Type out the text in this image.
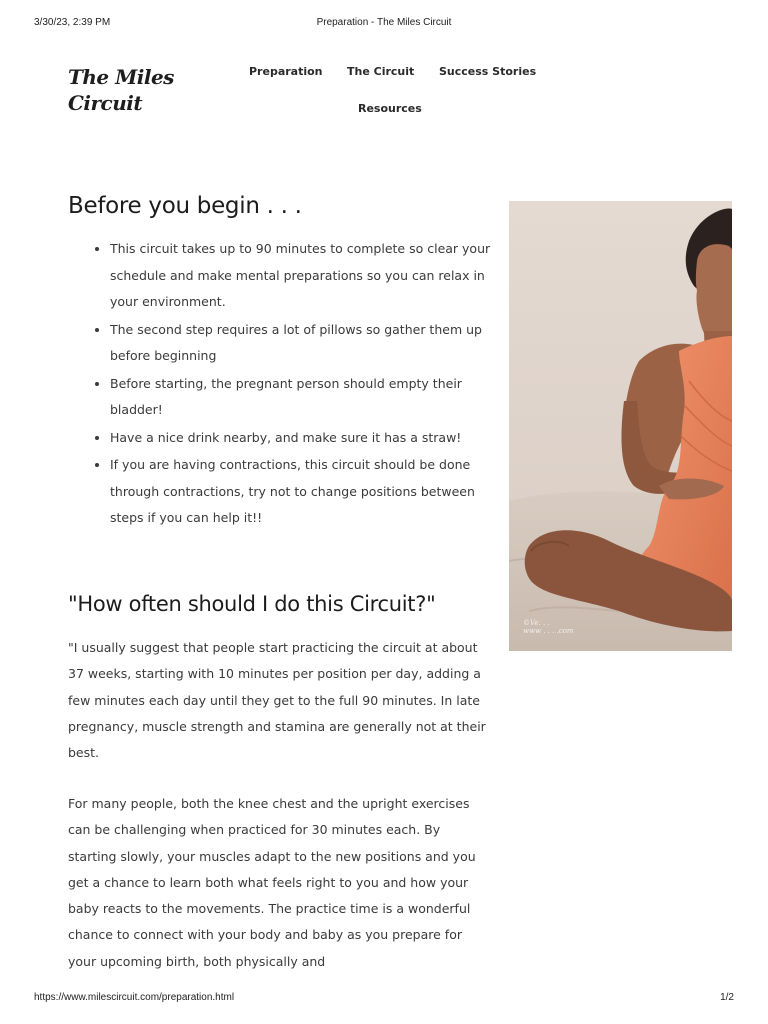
3/30/23, 2:39 PM	Preparation - The Miles Circuit
The Miles
Circuit
Preparation The Circuit Success Stories
Resources
Before you begin . . .
• This circuit takes up to 90 minutes to complete so clear your schedule and make mental preparations so you can relax in your environment.
• The second step requires a lot of pillows so gather them up before beginning
• Before starting, the pregnant person should empty their bladder!
• Have a nice drink nearby, and make sure it has a straw!
• If you are having contractions, this circuit should be done through contractions, try not to change positions between steps if you can help it!!
©Ve. . .
www . . . .com
"How often should I do this Circuit?"

"I usually suggest that people start practicing the circuit at about 37 weeks, starting with 10 minutes per position per day, adding a few minutes each day until they get to the full 90 minutes. In late pregnancy, muscle strength and stamina are generally not at their best.

For many people, both the knee chest and the upright exercises can be challenging when practiced for 30 minutes each. By starting slowly, your muscles adapt to the new positions and you get a chance to learn both what feels right to you and how your baby reacts to the movements. The practice time is a wonderful chance to connect with your body and baby as you prepare for your upcoming birth, both physically and

https://www.milescircuit.com/preparation.html	1/2
